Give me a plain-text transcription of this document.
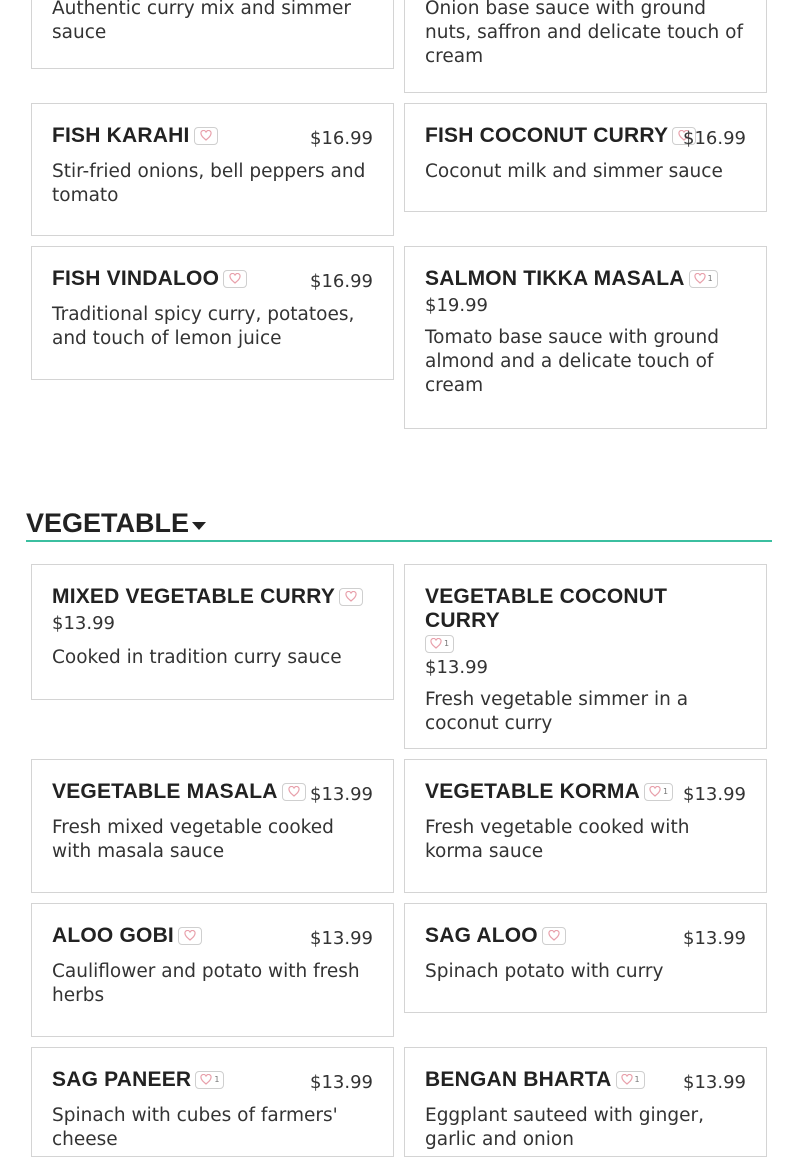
Authentic curry mix and simmer sauce

Onion base sauce with ground nuts, saffron and delicate touch of cream

FISH KARAHI	$16.99

Stir-fried onions, bell peppers and tomato

FISH COCONUT CURRY $16.99

Coconut milk and simmer sauce

FISH VINDALOO	$16.99

Traditional spicy curry, potatoes, and touch of lemon juice

SALMON TIKKA MASALA	1
$19.99

Tomato base sauce with ground almond and a delicate touch of cream

VEGETABLE
MIXED VEGETABLE CURRY
$13.99

Cooked in tradition curry sauce

VEGETABLE COCONUT CURRY
1
$13.99

Fresh vegetable simmer in a coconut curry

VEGETABLE MASALA $13.99

Fresh mixed vegetable cooked with masala sauce

VEGETABLE KORMA	1 $13.99

Fresh vegetable cooked with korma sauce

ALOO GOBI	$13.99

Cauliflower and potato with fresh herbs

SAG ALOO	$13.99

Spinach potato with curry

SAG PANEER	1	$13.99

Spinach with cubes of farmers' cheese

BENGAN BHARTA	1 $13.99

Eggplant sauteed with ginger, garlic and onion
